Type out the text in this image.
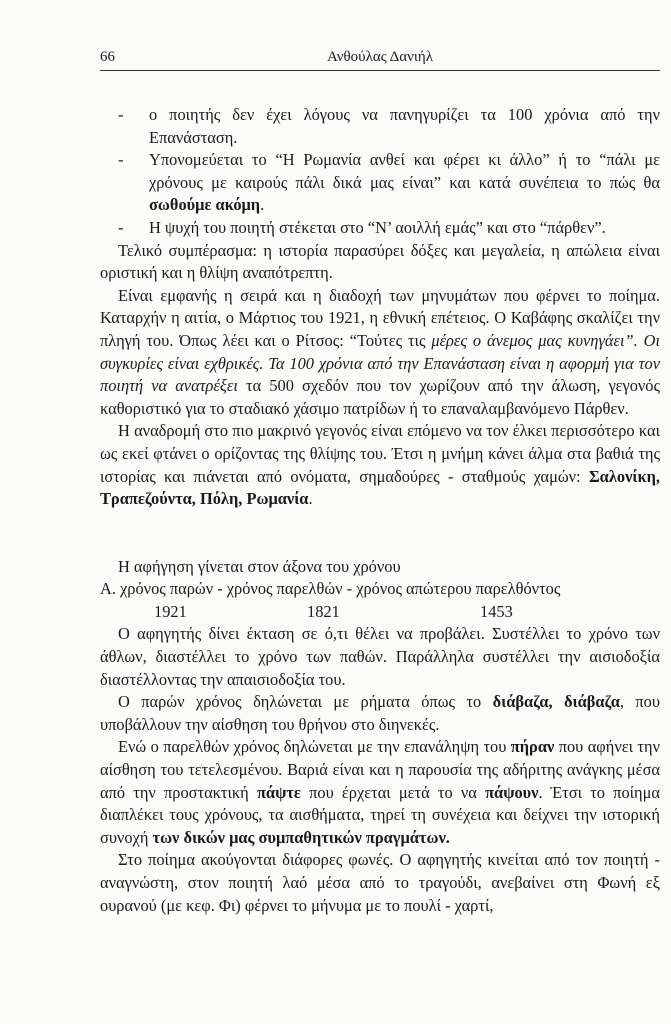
66	Ανθούλας Δανιήλ
- ο ποιητής δεν έχει λόγους να πανηγυρίζει τα 100 χρόνια από την Επανάσταση.
- Υπονομεύεται το “Η Ρωμανία ανθεί και φέρει κι άλλο” ή το “πάλι με χρόνους με καιρούς πάλι δικά μας είναι” και κατά συνέπεια το πώς θα σωθούμε ακόμη.
- Η ψυχή του ποιητή στέκεται στο “Ν’ αοιλλή εμάς” και στο “πάρθεν”.

Τελικό συμπέρασμα: η ιστορία παρασύρει δόξες και μεγαλεία, η απώλεια είναι οριστική και η θλίψη αναπότρεπτη.

Είναι εμφανής η σειρά και η διαδοχή των μηνυμάτων που φέρνει το ποίημα. Καταρχήν η αιτία, ο Μάρτιος του 1921, η εθνική επέτειος. Ο Καβάφης σκαλίζει την πληγή του. Όπως λέει και ο Ρίτσος: “Τούτες τις μέρες ο άνεμος μας κυνηγάει”. Οι συγκυρίες είναι εχθρικές. Τα 100 χρόνια από την Επανάσταση είναι η αφορμή για τον ποιητή να ανατρέξει τα 500 σχεδόν που τον χωρίζουν από την άλωση, γεγονός καθοριστικό για το σταδιακό χάσιμο πατρίδων ή το επαναλαμβανόμενο Πάρθεν.

Η αναδρομή στο πιο μακρινό γεγονός είναι επόμενο να τον έλκει περισσότερο και ως εκεί φτάνει ο ορίζοντας της θλίψης του. Έτσι η μνήμη κάνει άλμα στα βαθιά της ιστορίας και πιάνεται από ονόματα, σημαδούρες - σταθμούς χαμών: Σαλονίκη, Τραπεζούντα, Πόλη, Ρωμανία.

Η αφήγηση γίνεται στον άξονα του χρόνου

Α. χρόνος παρών - χρόνος παρελθών - χρόνος απώτερου παρελθόντος

1921	1821	1453

Ο αφηγητής δίνει έκταση σε ό,τι θέλει να προβάλει. Συστέλλει το χρόνο των άθλων, διαστέλλει το χρόνο των παθών. Παράλληλα συστέλλει την αισιοδοξία διαστέλλοντας την απαισιοδοξία του.

Ο παρών χρόνος δηλώνεται με ρήματα όπως το διάβαζα, διάβαζα, που υποβάλλουν την αίσθηση του θρήνου στο διηνεκές.

Ενώ ο παρελθών χρόνος δηλώνεται με την επανάληψη του πήραν που αφήνει την αίσθηση του τετελεσμένου. Βαριά είναι και η παρουσία της αδήριτης ανάγκης μέσα από την προστακτική πάψτε που έρχεται μετά το να πάψουν. Έτσι το ποίημα διαπλέκει τους χρόνους, τα αισθήματα, τηρεί τη συνέχεια και δείχνει την ιστορική συνοχή των δικών μας συμπαθητικών πραγμάτων.

Στο ποίημα ακούγονται διάφορες φωνές. Ο αφηγητής κινείται από τον ποιητή - αναγνώστη, στον ποιητή λαό μέσα από το τραγούδι, ανεβαίνει στη Φωνή εξ ουρανού (με κεφ. Φι) φέρνει το μήνυμα με το πουλί - χαρτί,
